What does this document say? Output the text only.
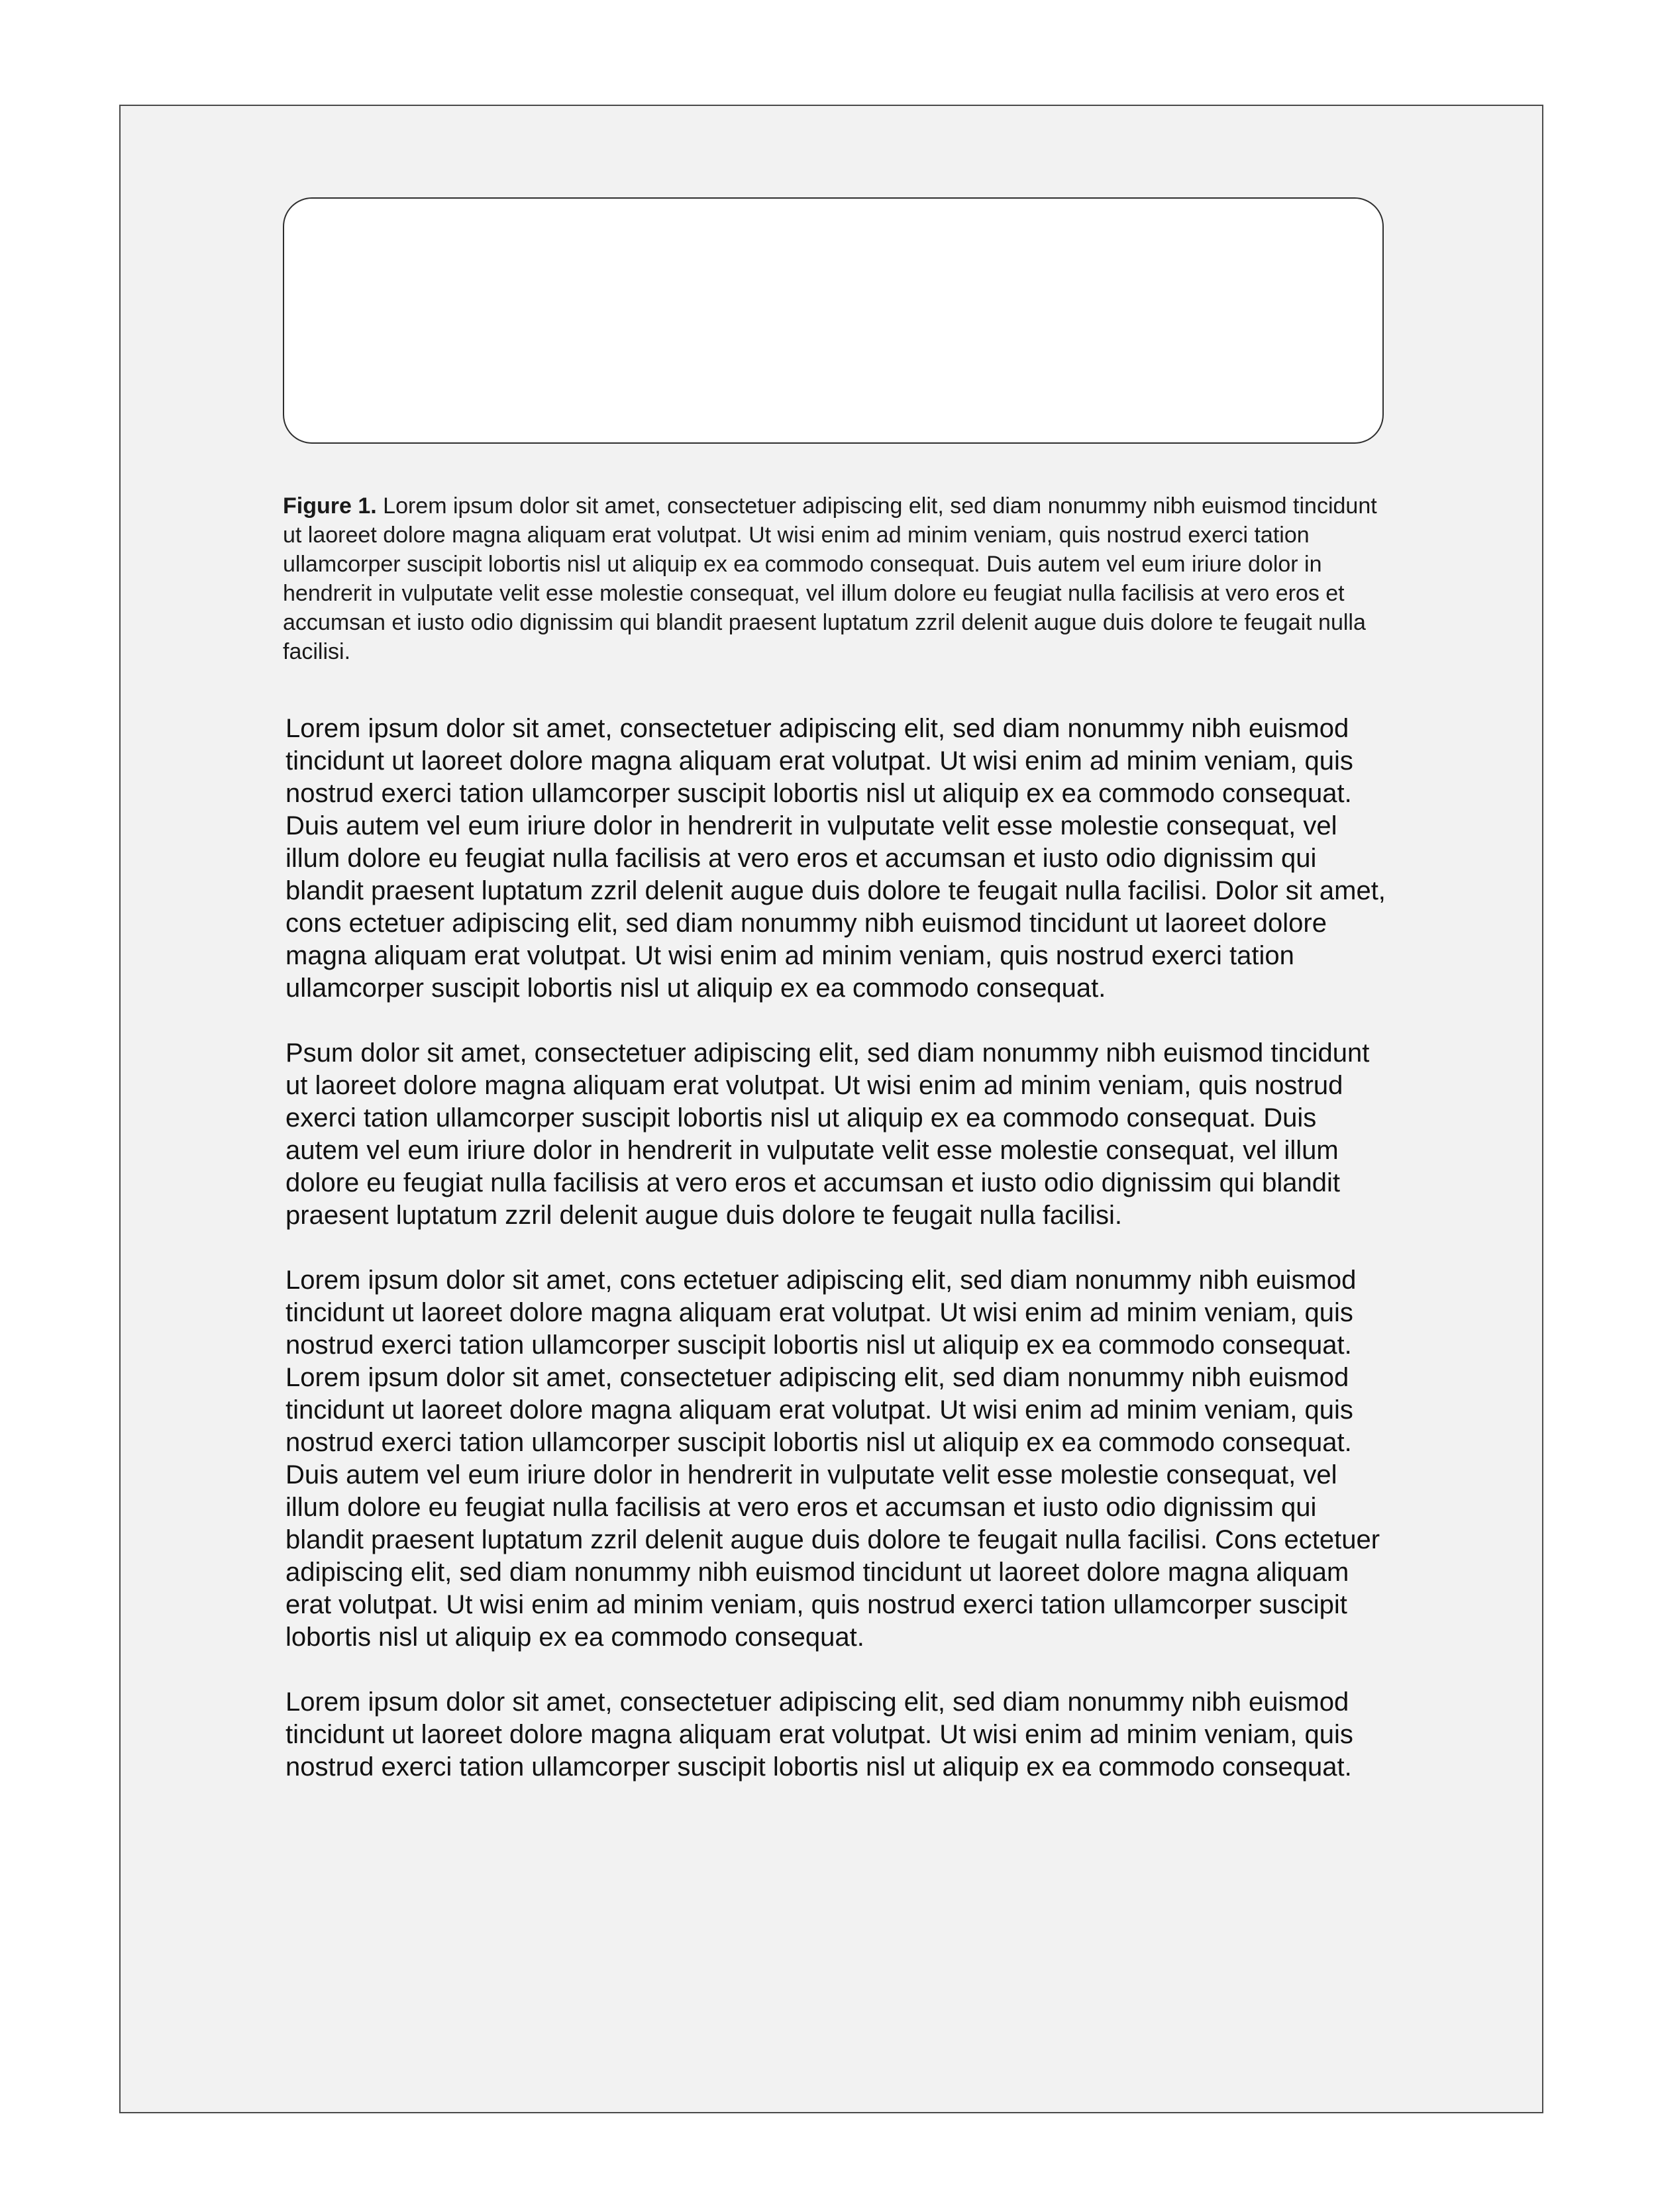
Figure 1. Lorem ipsum dolor sit amet, consectetuer adipiscing elit, sed diam nonummy nibh euismod tincidunt ut laoreet dolore magna aliquam erat volutpat. Ut wisi enim ad minim veniam, quis nostrud exerci tation ullamcorper suscipit lobortis nisl ut aliquip ex ea commodo consequat. Duis autem vel eum iriure dolor in hendrerit in vulputate velit esse molestie consequat, vel illum dolore eu feugiat nulla facilisis at vero eros et accumsan et iusto odio dignissim qui blandit praesent luptatum zzril delenit augue duis dolore te feugait nulla facilisi.

Lorem ipsum dolor sit amet, consectetuer adipiscing elit, sed diam nonummy nibh euismod tincidunt ut laoreet dolore magna aliquam erat volutpat. Ut wisi enim ad minim veniam, quis nostrud exerci tation ullamcorper suscipit lobortis nisl ut aliquip ex ea commodo consequat. Duis autem vel eum iriure dolor in hendrerit in vulputate velit esse molestie consequat, vel illum dolore eu feugiat nulla facilisis at vero eros et accumsan et iusto odio dignissim qui blandit praesent luptatum zzril delenit augue duis dolore te feugait nulla facilisi. Dolor sit amet, cons ectetuer adipiscing elit, sed diam nonummy nibh euismod tincidunt ut laoreet dolore magna aliquam erat volutpat. Ut wisi enim ad minim veniam, quis nostrud exerci tation ullamcorper suscipit lobortis nisl ut aliquip ex ea commodo consequat.

Psum dolor sit amet, consectetuer adipiscing elit, sed diam nonummy nibh euismod tincidunt ut laoreet dolore magna aliquam erat volutpat. Ut wisi enim ad minim veniam, quis nostrud exerci tation ullamcorper suscipit lobortis nisl ut aliquip ex ea commodo consequat. Duis autem vel eum iriure dolor in hendrerit in vulputate velit esse molestie consequat, vel illum dolore eu feugiat nulla facilisis at vero eros et accumsan et iusto odio dignissim qui blandit praesent luptatum zzril delenit augue duis dolore te feugait nulla facilisi.

Lorem ipsum dolor sit amet, cons ectetuer adipiscing elit, sed diam nonummy nibh euismod tincidunt ut laoreet dolore magna aliquam erat volutpat. Ut wisi enim ad minim veniam, quis nostrud exerci tation ullamcorper suscipit lobortis nisl ut aliquip ex ea commodo consequat.

Lorem ipsum dolor sit amet, consectetuer adipiscing elit, sed diam nonummy nibh euismod tincidunt ut laoreet dolore magna aliquam erat volutpat. Ut wisi enim ad minim veniam, quis nostrud exerci tation ullamcorper suscipit lobortis nisl ut aliquip ex ea commodo consequat. Duis autem vel eum iriure dolor in hendrerit in vulputate velit esse molestie consequat, vel illum dolore eu feugiat nulla facilisis at vero eros et accumsan et iusto odio dignissim qui blandit praesent luptatum zzril delenit augue duis dolore te feugait nulla facilisi. Cons ectetuer adipiscing elit, sed diam nonummy nibh euismod tincidunt ut laoreet dolore magna aliquam erat volutpat. Ut wisi enim ad minim veniam, quis nostrud exerci tation ullamcorper suscipit lobortis nisl ut aliquip ex ea commodo consequat.

Lorem ipsum dolor sit amet, consectetuer adipiscing elit, sed diam nonummy nibh euismod tincidunt ut laoreet dolore magna aliquam erat volutpat. Ut wisi enim ad minim veniam, quis nostrud exerci tation ullamcorper suscipit lobortis nisl ut aliquip ex ea commodo consequat.
